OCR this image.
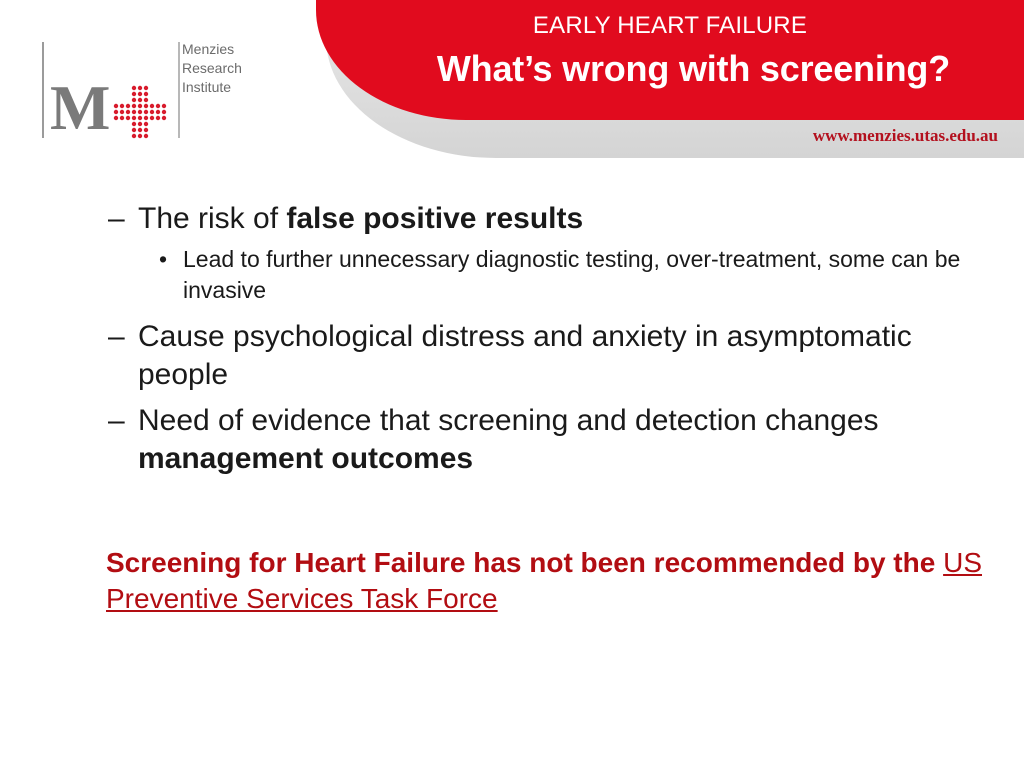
EARLY HEART FAILURE
What’s wrong with screening?
www.menzies.utas.edu.au
M
Menzies
Research
Institute
– The risk of false positive results
• Lead to further unnecessary diagnostic testing, over-treatment, some can be invasive
– Cause psychological distress and anxiety in asymptomatic people
– Need of evidence that screening and detection changes management outcomes
Screening for Heart Failure has not been recommended by the US Preventive Services Task Force
